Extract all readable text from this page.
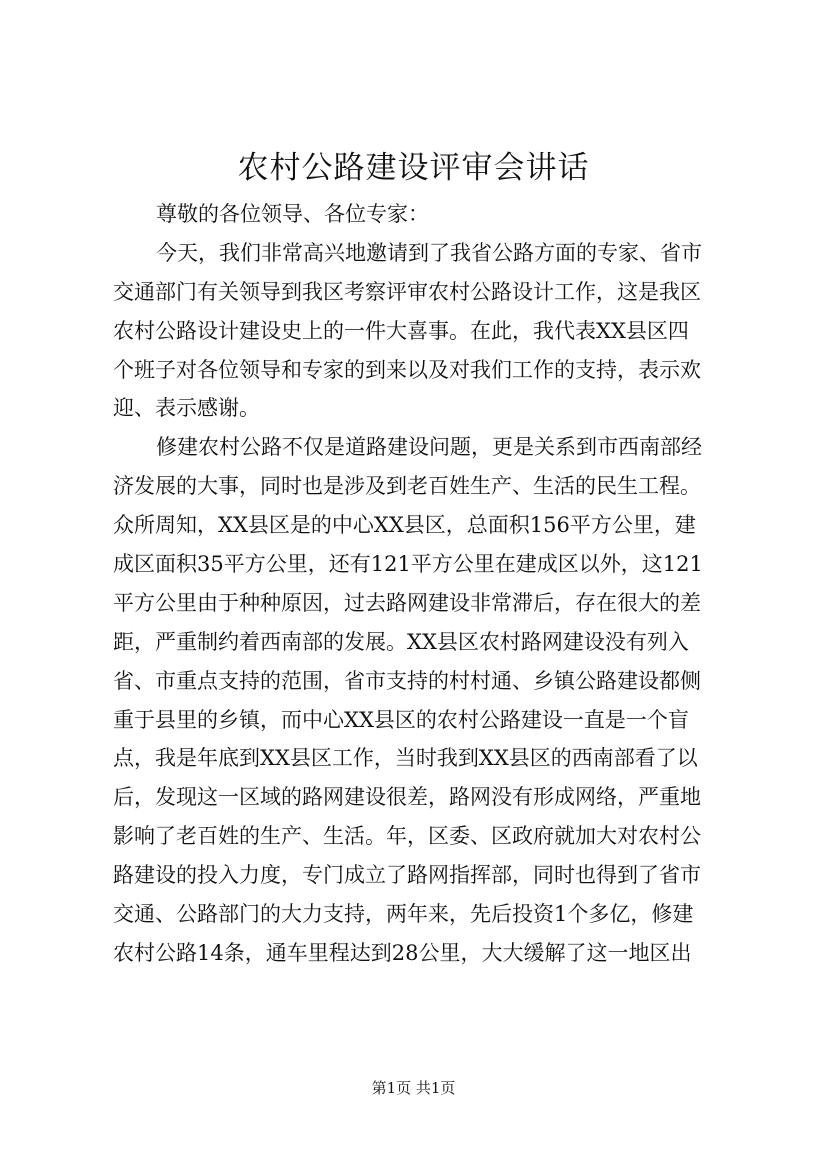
农村公路建设评审会讲话
尊敬的各位领导、各位专家：
今天，我们非常高兴地邀请到了我省公路方面的专家、省市
交通部门有关领导到我区考察评审农村公路设计工作，这是我区
农村公路设计建设史上的一件大喜事。在此，我代表XX县区四
个班子对各位领导和专家的到来以及对我们工作的支持，表示欢
迎、表示感谢。
修建农村公路不仅是道路建设问题，更是关系到市西南部经
济发展的大事，同时也是涉及到老百姓生产、生活的民生工程。
众所周知，XX县区是的中心XX县区，总面积156平方公里，建
成区面积35平方公里，还有121平方公里在建成区以外，这121
平方公里由于种种原因，过去路网建设非常滞后，存在很大的差
距，严重制约着西南部的发展。XX县区农村路网建设没有列入
省、市重点支持的范围，省市支持的村村通、乡镇公路建设都侧
重于县里的乡镇，而中心XX县区的农村公路建设一直是一个盲
点，我是年底到XX县区工作，当时我到XX县区的西南部看了以
后，发现这一区域的路网建设很差，路网没有形成网络，严重地
影响了老百姓的生产、生活。年，区委、区政府就加大对农村公
路建设的投入力度，专门成立了路网指挥部，同时也得到了省市
交通、公路部门的大力支持，两年来，先后投资1个多亿，修建
农村公路14条，通车里程达到28公里，大大缓解了这一地区出
第1页 共1页
